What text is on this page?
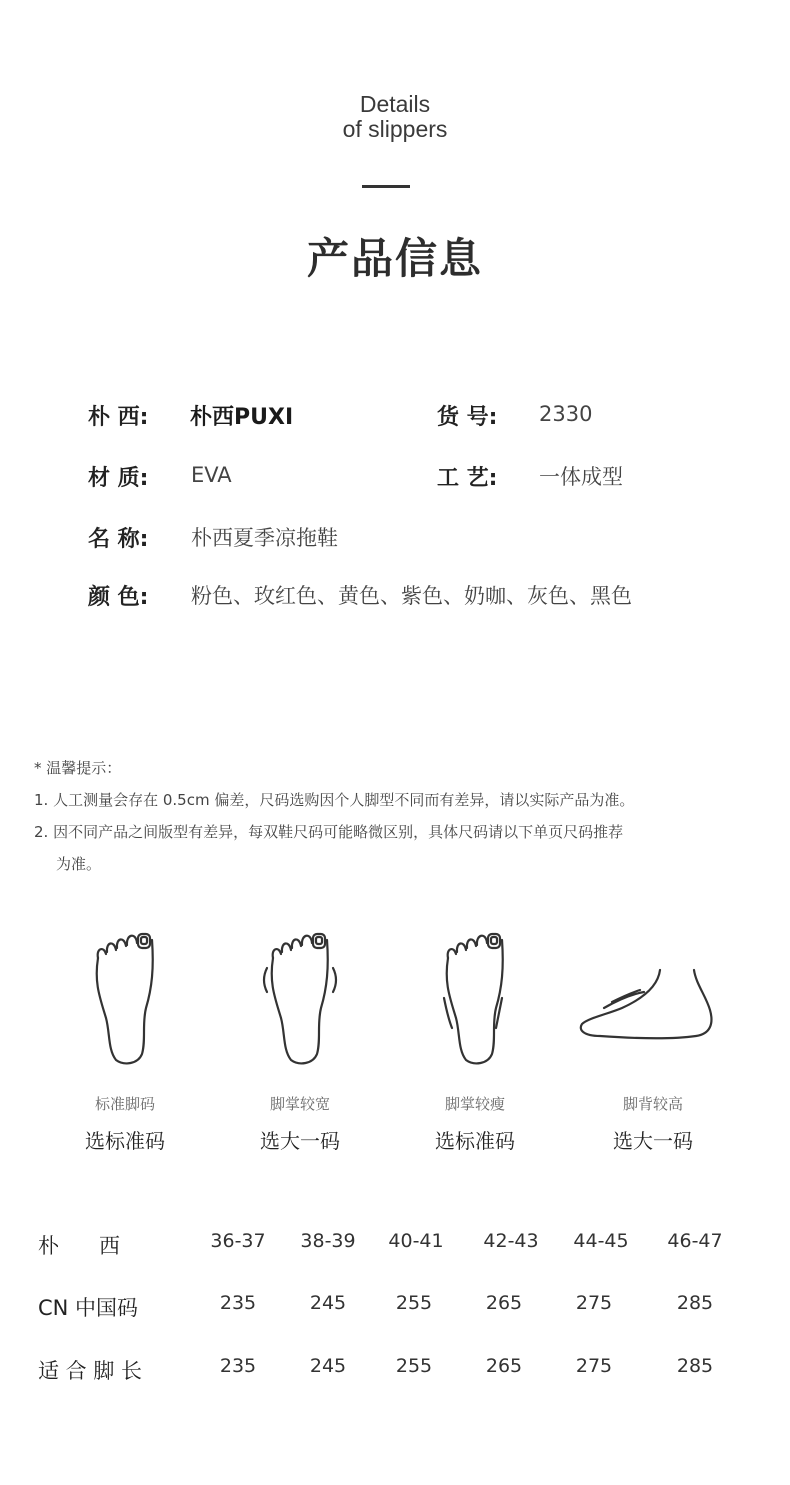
Details
of slippers
产品信息
朴 西: 朴西PUXI	货 号: 2330
材 质: EVA	工 艺: 一体成型
名 称: 朴西夏季凉拖鞋
颜 色: 粉色、玫红色、黄色、紫色、奶咖、灰色、黑色
* 温馨提示：
1. 人工测量会存在 0.5cm 偏差，尺码选购因个人脚型不同而有差异，请以实际产品为准。
2. 因不同产品之间版型有差异，每双鞋尺码可能略微区别，具体尺码请以下单页尺码推荐
为准。
标准脚码	脚掌较宽	脚掌较瘦	脚背较高
选标准码	选大一码	选标准码	选大一码
朴      西	36-37	38-39	40-41	42-43	44-45	46-47
CN 中国码	235	245	255	265	275	285
适 合 脚 长	235	245	255	265	275	285
